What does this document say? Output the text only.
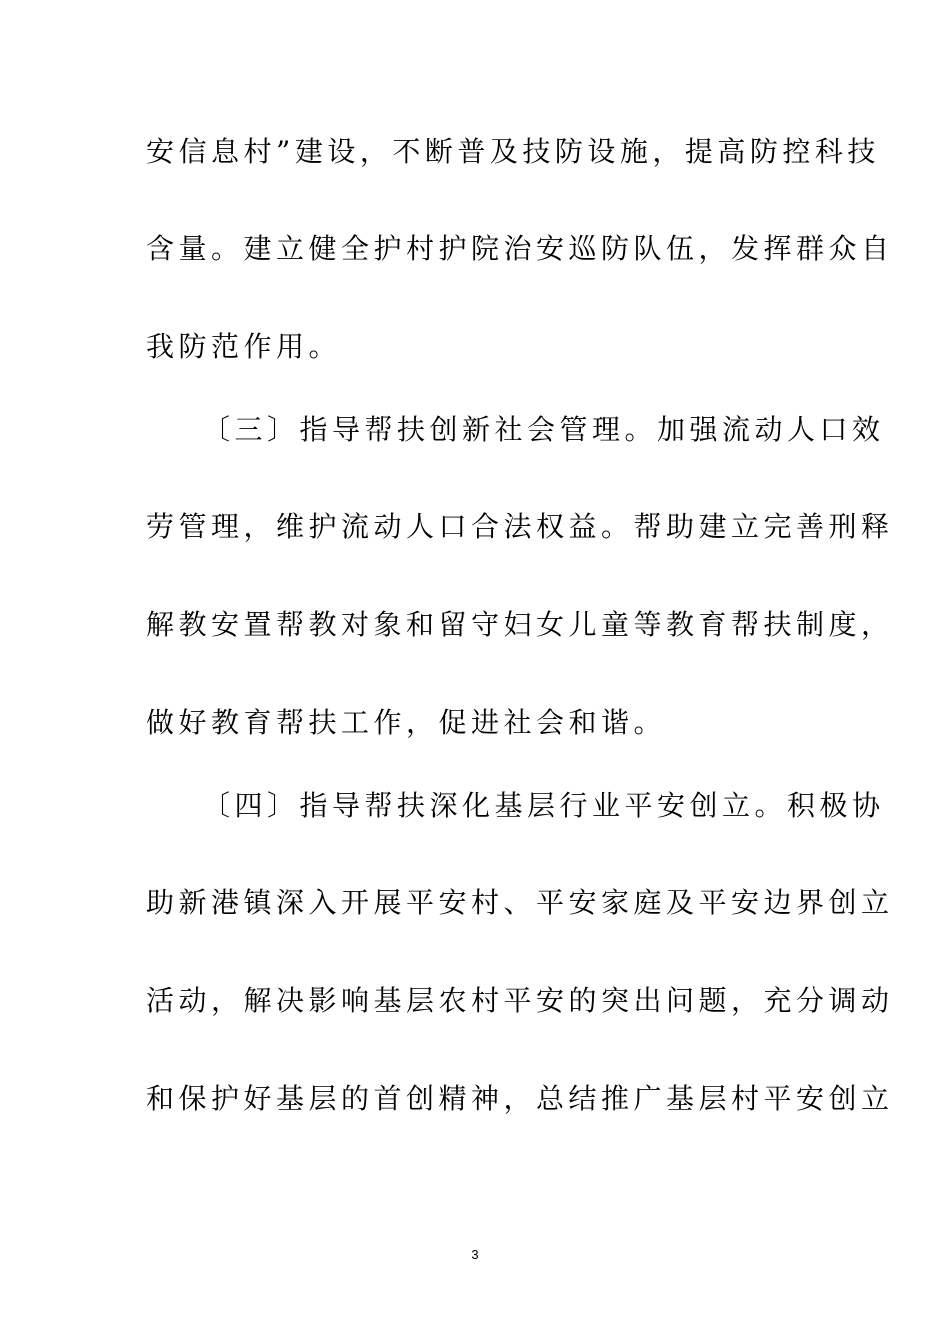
安信息村”建设，不断普及技防设施，提高防控科技
含量。建立健全护村护院治安巡防队伍，发挥群众自
我防范作用。
〔三〕指导帮扶创新社会管理。加强流动人口效
劳管理，维护流动人口合法权益。帮助建立完善刑释
解教安置帮教对象和留守妇女儿童等教育帮扶制度，
做好教育帮扶工作，促进社会和谐。
〔四〕指导帮扶深化基层行业平安创立。积极协
助新港镇深入开展平安村、平安家庭及平安边界创立
活动，解决影响基层农村平安的突出问题，充分调动
和保护好基层的首创精神，总结推广基层村平安创立
3
